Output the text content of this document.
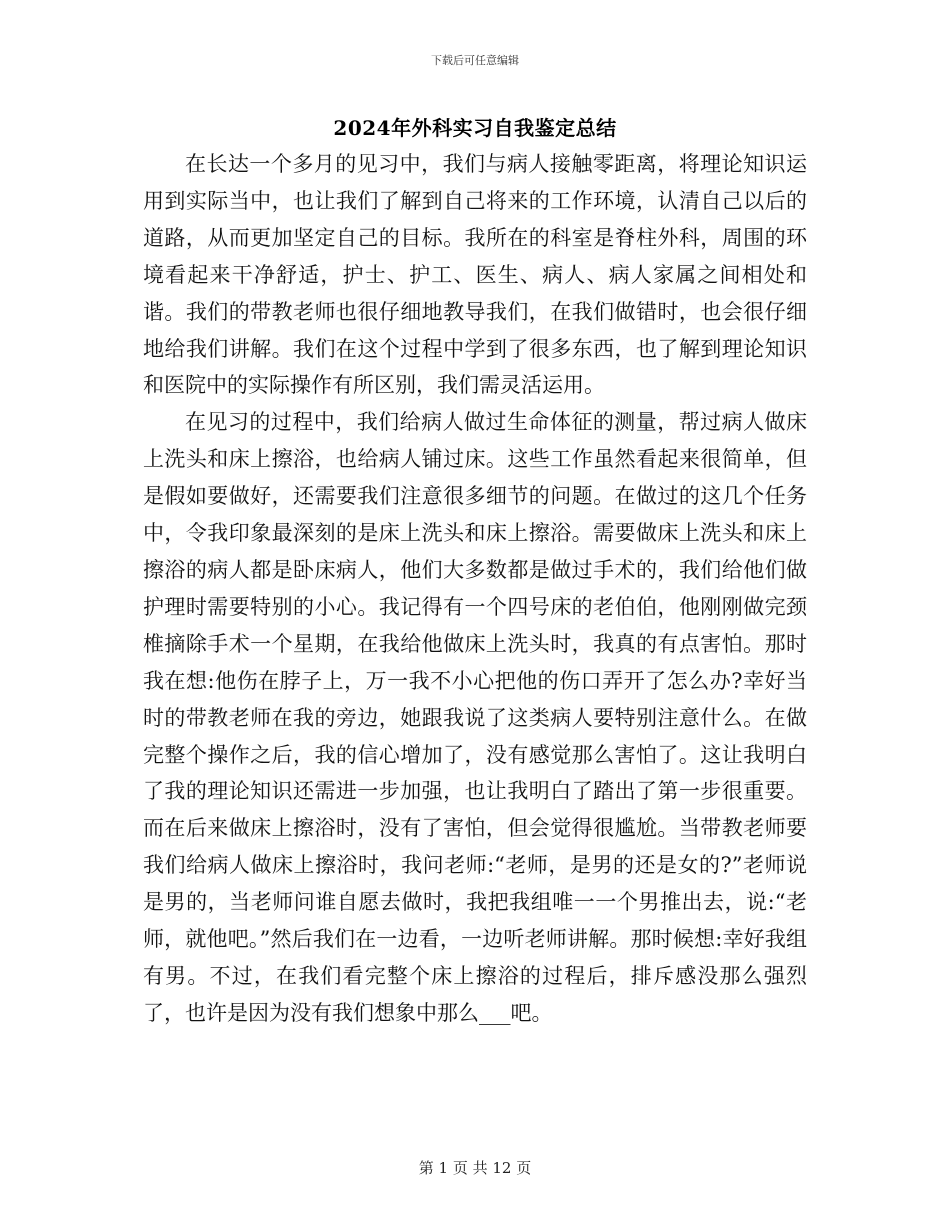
下载后可任意编辑
2024年外科实习自我鉴定总结

在长达一个多月的见习中，我们与病人接触零距离，将理论知识运用到实际当中，也让我们了解到自己将来的工作环境，认清自己以后的道路，从而更加坚定自己的目标。我所在的科室是脊柱外科，周围的环境看起来干净舒适，护士、护工、医生、病人、病人家属之间相处和谐。我们的带教老师也很仔细地教导我们，在我们做错时，也会很仔细地给我们讲解。我们在这个过程中学到了很多东西，也了解到理论知识和医院中的实际操作有所区别，我们需灵活运用。

在见习的过程中，我们给病人做过生命体征的测量，帮过病人做床上洗头和床上擦浴，也给病人铺过床。这些工作虽然看起来很简单，但是假如要做好，还需要我们注意很多细节的问题。在做过的这几个任务中，令我印象最深刻的是床上洗头和床上擦浴。需要做床上洗头和床上擦浴的病人都是卧床病人，他们大多数都是做过手术的，我们给他们做护理时需要特别的小心。我记得有一个四号床的老伯伯，他刚刚做完颈椎摘除手术一个星期，在我给他做床上洗头时，我真的有点害怕。那时我在想:他伤在脖子上，万一我不小心把他的伤口弄开了怎么办?幸好当时的带教老师在我的旁边，她跟我说了这类病人要特别注意什么。在做完整个操作之后，我的信心增加了，没有感觉那么害怕了。这让我明白了我的理论知识还需进一步加强，也让我明白了踏出了第一步很重要。而在后来做床上擦浴时，没有了害怕，但会觉得很尴尬。当带教老师要我们给病人做床上擦浴时，我问老师:“老师，是男的还是女的?”老师说是男的，当老师问谁自愿去做时，我把我组唯一一个男推出去，说:“老师，就他吧。”然后我们在一边看，一边听老师讲解。那时候想:幸好我组有男。不过，在我们看完整个床上擦浴的过程后，排斥感没那么强烈了，也许是因为没有我们想象中那么___吧。

第 1 页 共 12 页
